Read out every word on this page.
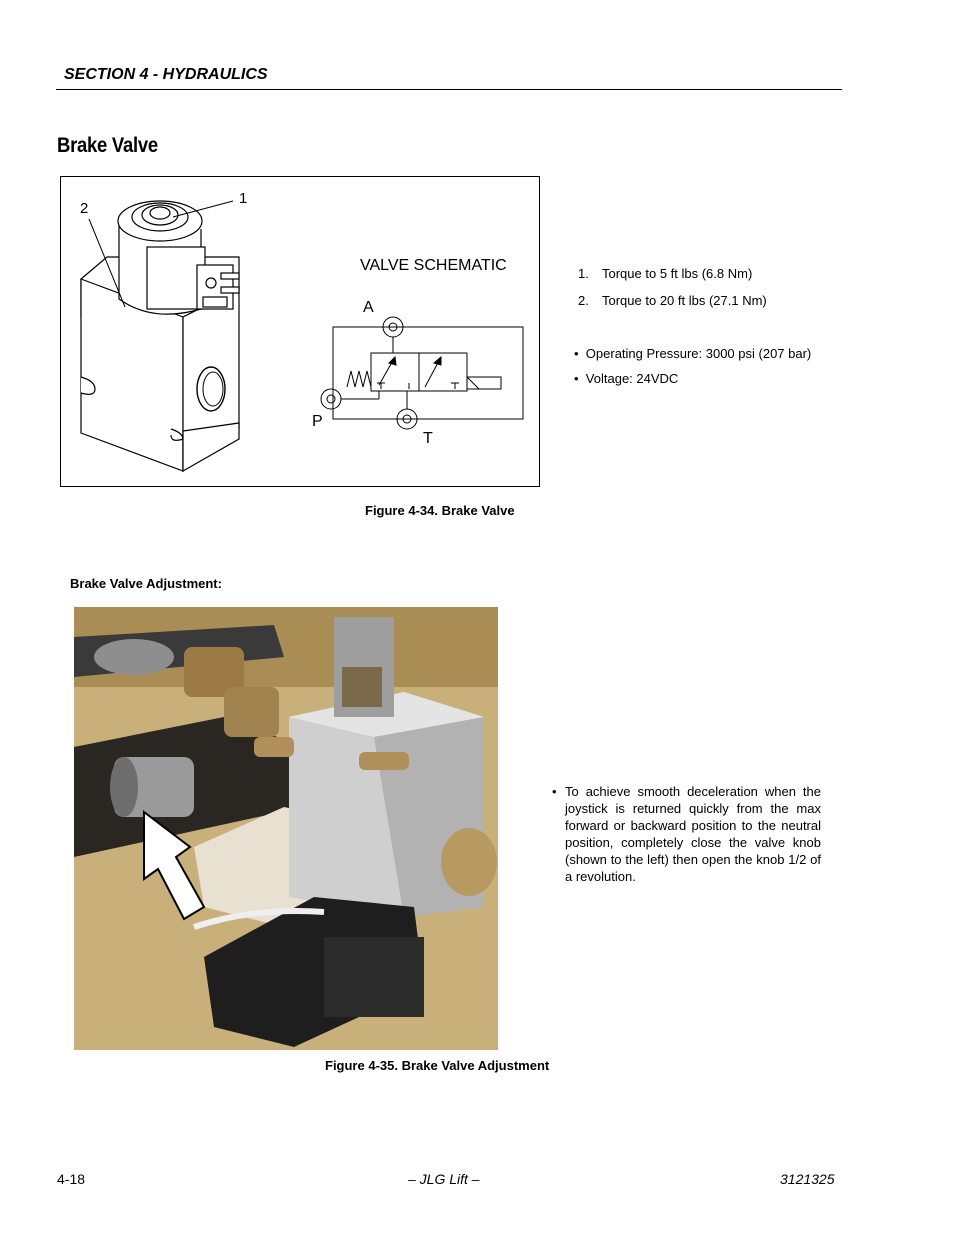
SECTION 4 - HYDRAULICS
Brake Valve
1
2
VALVE SCHEMATIC
A
P
T
Figure 4-34. Brake Valve
1. Torque to 5 ft lbs (6.8 Nm)
2. Torque to 20 ft lbs (27.1 Nm)
• Operating Pressure: 3000 psi (207 bar)
• Voltage: 24VDC
Brake Valve Adjustment:
Figure 4-35. Brake Valve Adjustment
• To achieve smooth deceleration when the joystick is returned quickly from the max forward or backward position to the neutral position, completely close the valve knob (shown to the left) then open the knob 1/2 of a revolution.
4-18	– JLG Lift –	3121325
